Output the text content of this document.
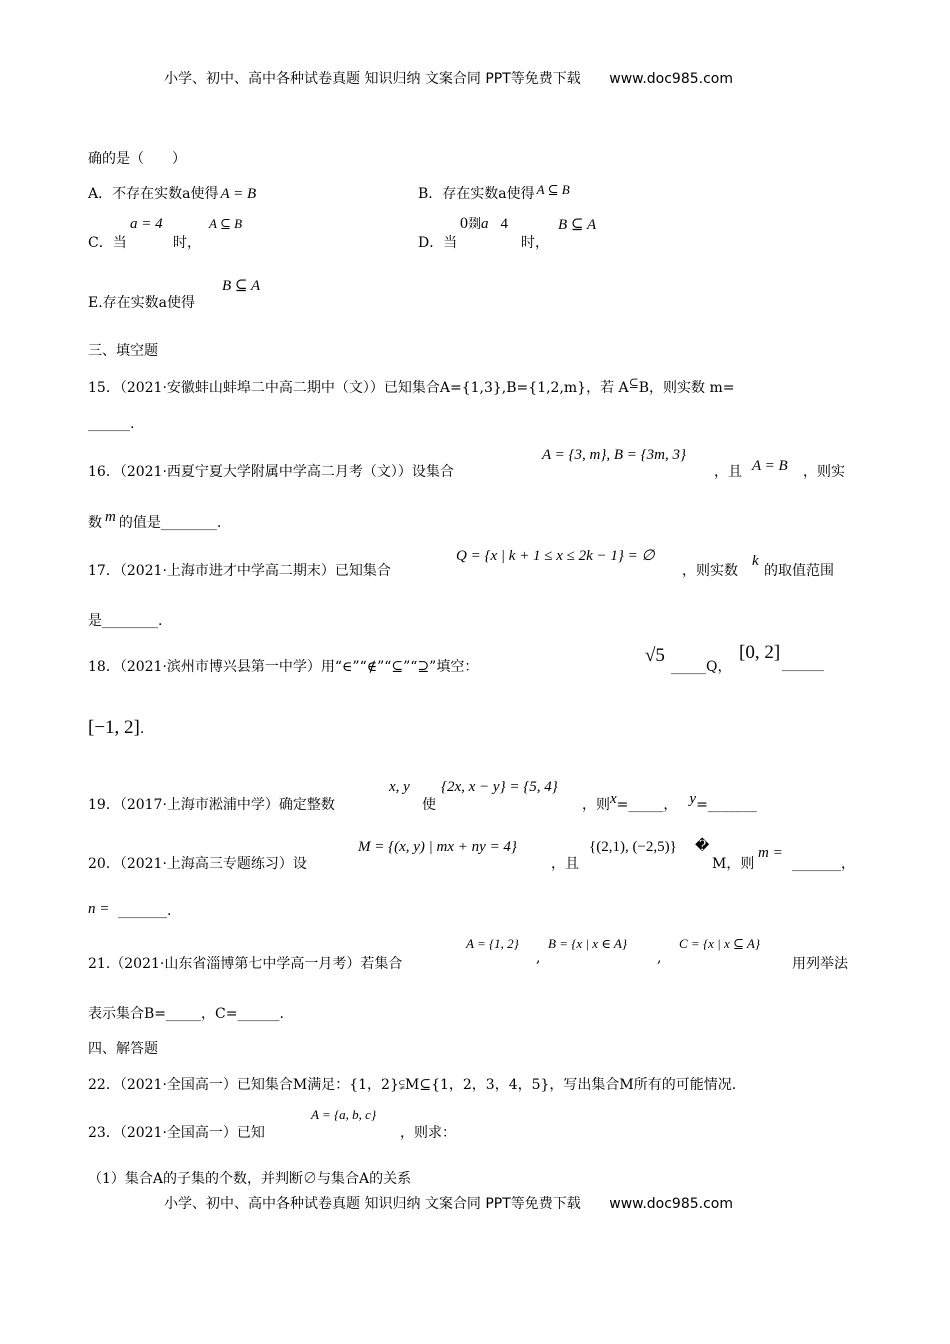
小学、初中、高中各种试卷真题 知识归纳 文案合同 PPT等免费下载 www.doc985.com
确的是（　　）
A．不存在实数a使得 A = B	B．存在实数a使得 A ⊆ B
C．当
a = 4
时，
A ⊆ B
D．当
0剟a 4
时，
B ⊆ A
E.存在实数a使得
B ⊆ A
三、填空题
15．（2021·安徽蚌山蚌埠二中高二期中（文））已知集合A={1,3},B={1,2,m}，若 A⊆B，则实数 m=
______.
16．（2021·西夏宁夏大学附属中学高二月考（文））设集合
A = {3, m}, B = {3m, 3}
，且 A = B ，则实
数 m 的值是________.
17．（2021·上海市进才中学高二期末）已知集合
Q = {x | k + 1 ≤ x ≤ 2k − 1} = ∅
，则实数
k
的取值范围
是________.
18．（2021·滨州市博兴县第一中学）用“∈”“∉”“⊆”“⊇”填空：
√5
_____Q，
[0, 2]
______
[−1, 2].
19．（2017·上海市淞浦中学）确定整数
x, y
使
{2x, x − y} = {5, 4}
，则x=_____， y=_______
20．（2021·上海高三专题练习）设
M = {(x, y) | mx + ny = 4}
，且
{(2,1), (−2,5)} �
M，则
m =
_______，
n = _______.
21.（2021·山东省淄博第七中学高一月考）若集合
A = {1, 2}
,
B = {x | x ∈ A}
,
C = {x | x ⊆ A}
用列举法
表示集合B=_____，C=______.
四、解答题
22．（2021·全国高一）已知集合M满足：{1，2}⫋M⊆{1，2，3，4，5}，写出集合M所有的可能情况.
23．（2021·全国高一）已知
A = {a, b, c}
，则求：
（1）集合A的子集的个数，并判断∅与集合A的关系
小学、初中、高中各种试卷真题 知识归纳 文案合同 PPT等免费下载 www.doc985.com
